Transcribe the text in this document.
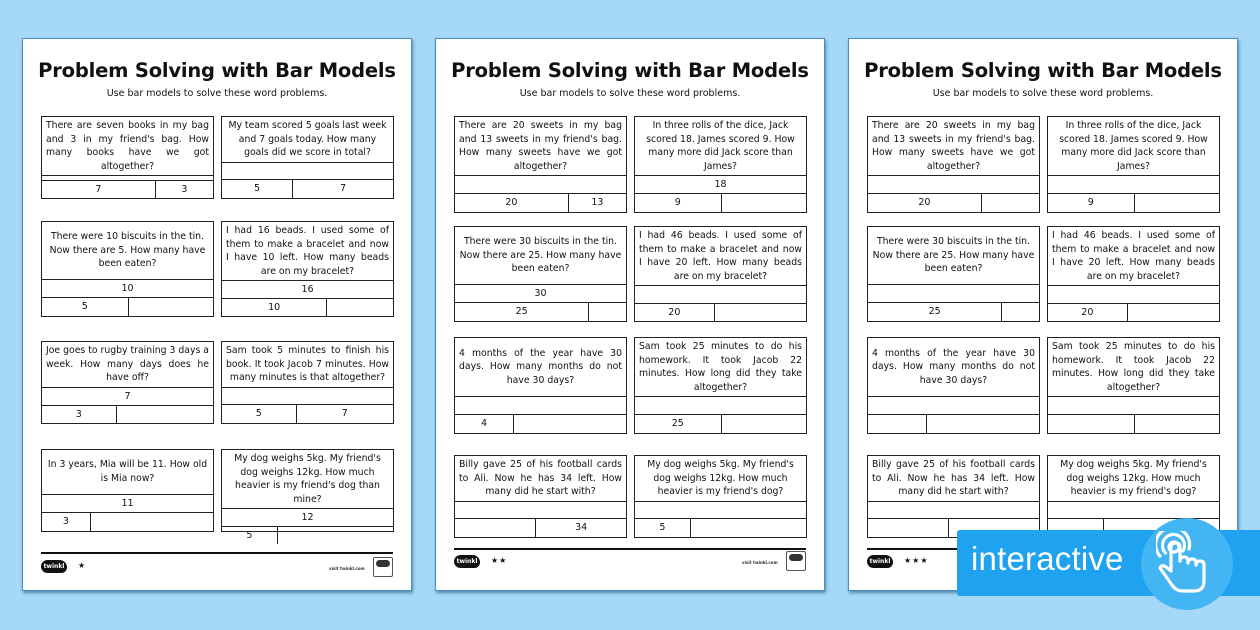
Problem Solving with Bar Models
Use bar models to solve these word problems.
There are seven books in my bag and 3 in my friend's bag. How many books have we got altogether?
7	3
My team scored 5 goals last week and 7 goals today. How many goals did we score in total?
5	7
There were 10 biscuits in the tin. Now there are 5. How many have been eaten?
10
5
I had 16 beads. I used some of them to make a bracelet and now I have 10 left. How many beads are on my bracelet?
16
10
Joe goes to rugby training 3 days a week. How many days does he have off?
7
3
Sam took 5 minutes to finish his book. It took Jacob 7 minutes. How many minutes is that altogether?
5	7
In 3 years, Mia will be 11. How old is Mia now?
11
3
My dog weighs 5kg. My friend's dog weighs 12kg. How much heavier is my friend's dog than mine?
12
5
twinkl	★	visit twinkl.com
Problem Solving with Bar Models
Use bar models to solve these word problems.
There are 20 sweets in my bag and 13 sweets in my friend's bag. How many sweets have we got altogether?
20	13
In three rolls of the dice, Jack scored 18. James scored 9. How many more did Jack score than James?
18
9
There were 30 biscuits in the tin. Now there are 25. How many have been eaten?
30
25
I had 46 beads. I used some of them to make a bracelet and now I have 20 left. How many beads are on my bracelet?
20
4 months of the year have 30 days. How many months do not have 30 days?
4
Sam took 25 minutes to do his homework. It took Jacob 22 minutes. How long did they take altogether?
25
Billy gave 25 of his football cards to Ali. Now he has 34 left. How many did he start with?
34
My dog weighs 5kg. My friend's dog weighs 12kg. How much heavier is my friend's dog?
5
twinkl	★★	visit twinkl.com
Problem Solving with Bar Models
Use bar models to solve these word problems.
There are 20 sweets in my bag and 13 sweets in my friend's bag. How many sweets have we got altogether?
20
In three rolls of the dice, Jack scored 18. James scored 9. How many more did Jack score than James?
9
There were 30 biscuits in the tin. Now there are 25. How many have been eaten?
25
I had 46 beads. I used some of them to make a bracelet and now I have 20 left. How many beads are on my bracelet?
20
4 months of the year have 30 days. How many months do not have 30 days?
Sam took 25 minutes to do his homework. It took Jacob 22 minutes. How long did they take altogether?
Billy gave 25 of his football cards to Ali. Now he has 34 left. How many did he start with?
My dog weighs 5kg. My friend's dog weighs 12kg. How much heavier is my friend's dog?
twinkl	★★★ interactive
